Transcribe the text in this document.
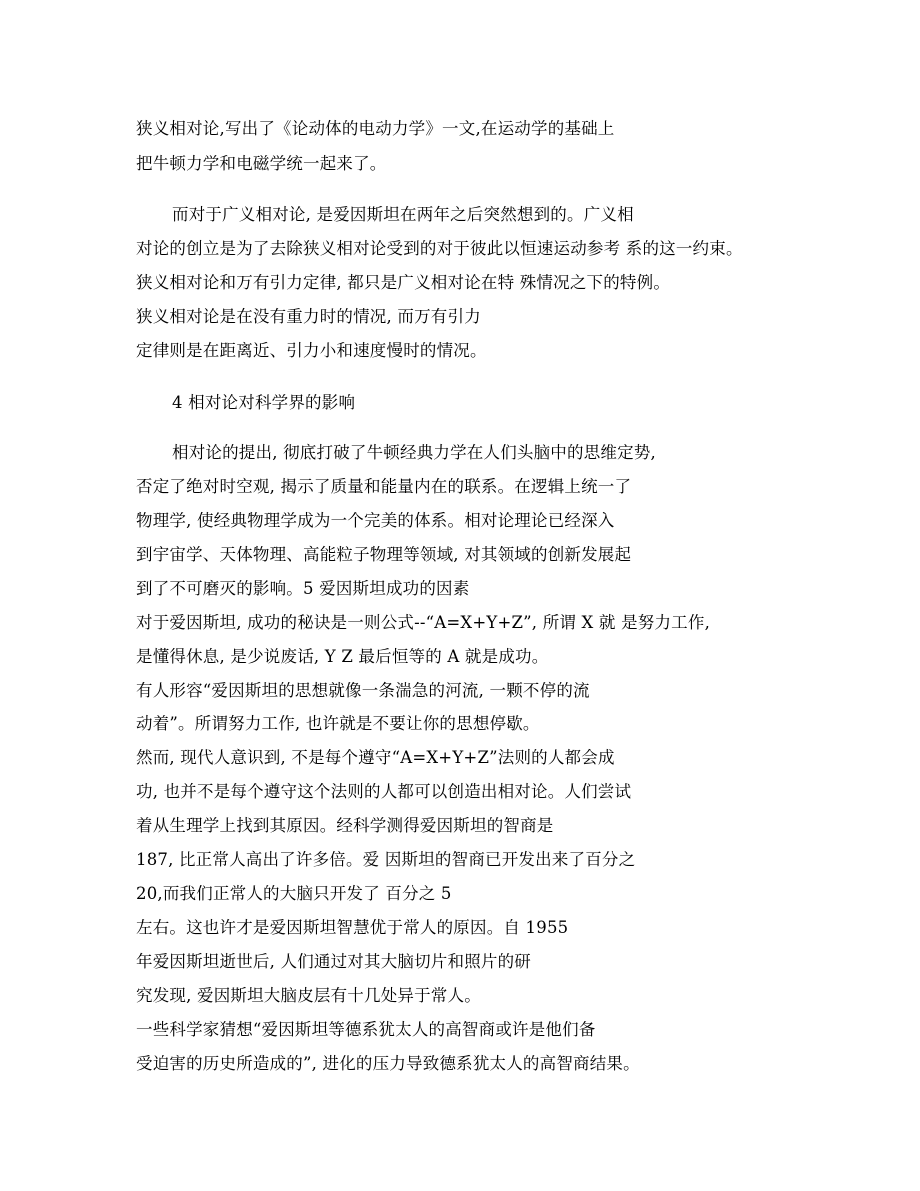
狭义相对论,写出了《论动体的电动力学》一文,在运动学的基础上
把牛顿力学和电磁学统一起来了。
而对于广义相对论, 是爱因斯坦在两年之后突然想到的。广义相
对论的创立是为了去除狭义相对论受到的对于彼此以恒速运动参考 系的这一约束。
狭义相对论和万有引力定律, 都只是广义相对论在特 殊情况之下的特例。
狭义相对论是在没有重力时的情况, 而万有引力
定律则是在距离近、引力小和速度慢时的情况。
4 相对论对科学界的影响
相对论的提出, 彻底打破了牛顿经典力学在人们头脑中的思维定势,
否定了绝对时空观, 揭示了质量和能量内在的联系。在逻辑上统一了
物理学, 使经典物理学成为一个完美的体系。相对论理论已经深入
到宇宙学、天体物理、高能粒子物理等领域, 对其领域的创新发展起
到了不可磨灭的影响。5 爱因斯坦成功的因素
对于爱因斯坦, 成功的秘诀是一则公式--“A=X+Y+Z”, 所谓 X 就 是努力工作,
是懂得休息, 是少说废话, Y Z 最后恒等的 A 就是成功。
有人形容“爱因斯坦的思想就像一条湍急的河流, 一颗不停的流
动着”。所谓努力工作, 也许就是不要让你的思想停歇。
然而, 现代人意识到, 不是每个遵守“A=X+Y+Z”法则的人都会成
功, 也并不是每个遵守这个法则的人都可以创造出相对论。人们尝试
着从生理学上找到其原因。经科学测得爱因斯坦的智商是
187, 比正常人高出了许多倍。爱 因斯坦的智商已开发出来了百分之
20,而我们正常人的大脑只开发了 百分之 5
左右。这也许才是爱因斯坦智慧优于常人的原因。自 1955
年爱因斯坦逝世后, 人们通过对其大脑切片和照片的研
究发现, 爱因斯坦大脑皮层有十几处异于常人。
一些科学家猜想“爱因斯坦等德系犹太人的高智商或许是他们备
受迫害的历史所造成的”, 进化的压力导致德系犹太人的高智商结果。
